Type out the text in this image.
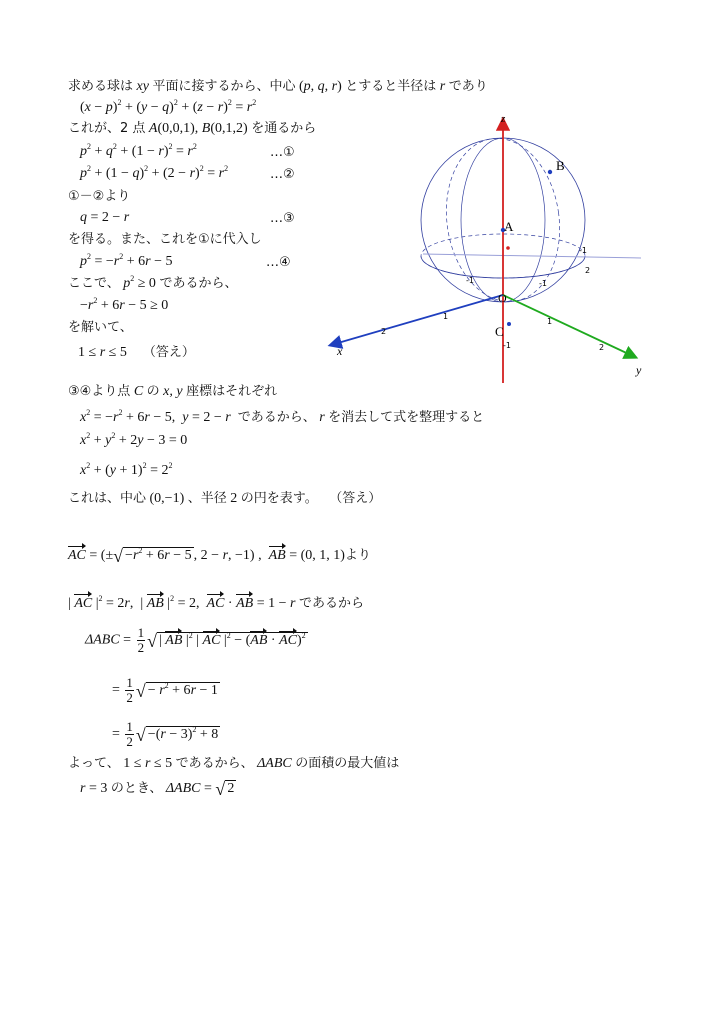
求める球は xy 平面に接するから、中心 (p, q, r) とすると半径は r であり
$(x - p)^2 + (y - q)^2 + (z - r)^2 = r^2$
これが、2 点 A(0,0,1), B(0,1,2) を通るから
$p^2 + q^2 + (1 - r)^2 = r^2$	…①
$p^2 + (1 - q)^2 + (2 - r)^2 = r^2$	…②
①－②より
q = 2 − r	…③
を得る。また、これを①に代入し
$p^2 = -r^2 + 6r - 5$	…④
ここで、 $p^2 \ge 0$ であるから、
$-r^2 + 6r - 5 \ge 0$
を解いて、
1 ≤ r ≤ 5 （答え）
③④より点 C の x, y 座標はそれぞれ
$x^2 = -r^2 + 6r - 5$,  y = 2 − r であるから、 r を消去して式を整理すると
$x^2 + y^2 + 2y - 3 = 0$
$x^2 + (y + 1)^2 = 2^2$
これは、中心 (0,−1) 、半径 2 の円を表す。 （答え）
AC = (±√ $-r^2 + 6r - 5$ , 2 − r, −1) ,  AB = (0, 1, 1)より
| AC $|^2 = 2r$,  | AB $|^2 = 2$,  AC · AB = 1 − r であるから
$\Delta ABC = \frac{1}{2}$ √ | AB $|^2$ | AC $|^2 - (AB \cdot AC)^2$
= $\frac{1}{2}$ √ − $r^2 + 6r - 1$
= $\frac{1}{2}$ √ $-(r - 3)^2 + 8$
よって、 1 ≤ r ≤ 5 であるから、 ΔABC の面積の最大値は
r = 3 のとき、 ΔABC = √ 2
B
A
C
O
x
y
z
1
2
-1	-1
2
-1
-1
1
2
